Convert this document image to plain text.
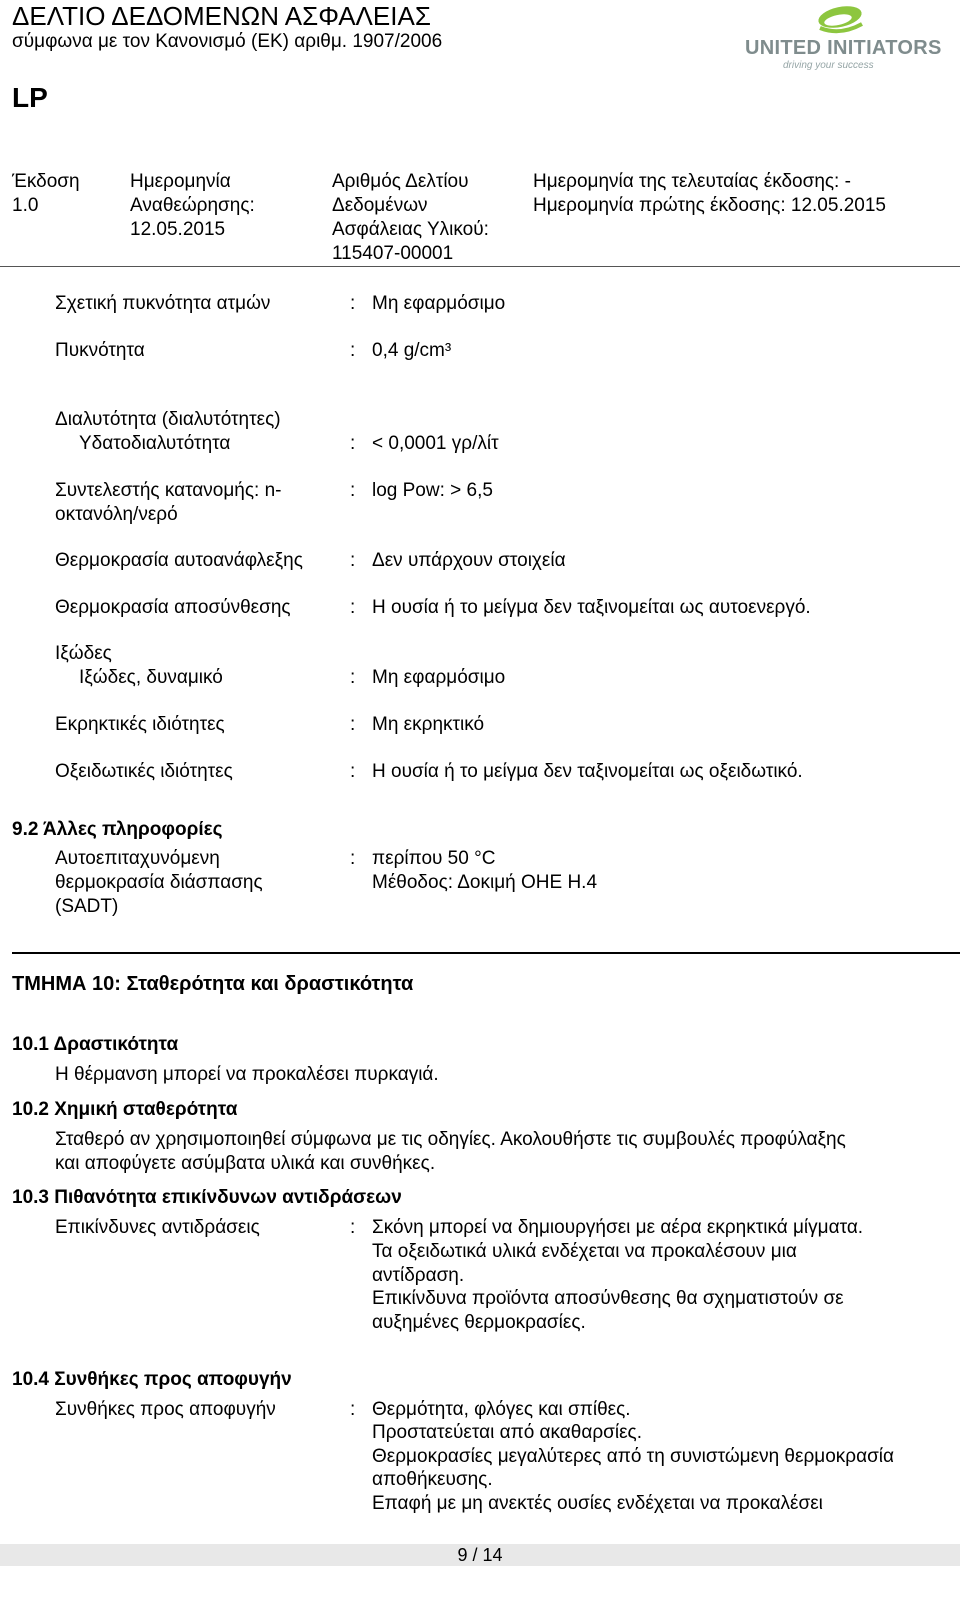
ΔΕΛΤΙΟ ΔΕΔΟΜΕΝΩΝ ΑΣΦΑΛΕΙΑΣ
σύμφωνα με τον Κανονισμό (ΕΚ) αριθμ. 1907/2006
LP
UNITED INITIATORS
driving your success
Έκδοση
1.0
Ημερομηνία
Αναθεώρησης:
12.05.2015
Αριθμός Δελτίου
Δεδομένων
Ασφάλειας Υλικού:
115407-00001
Ημερομηνία της τελευταίας έκδοσης: -
Ημερομηνία πρώτης έκδοσης: 12.05.2015
Σχετική πυκνότητα ατμών	: Μη εφαρμόσιμο
Πυκνότητα	: 0,4 g/cm³
Διαλυτότητα (διαλυτότητες)
Υδατοδιαλυτότητα	: < 0,0001 γρ/λίτ
Συντελεστής κατανομής: n-
οκτανόλη/νερό
: log Pow: > 6,5
Θερμοκρασία αυτοανάφλεξης	: Δεν υπάρχουν στοιχεία
Θερμοκρασία αποσύνθεσης	: Η ουσία ή το μείγμα δεν ταξινομείται ως αυτοενεργό.
Ιξώδες
Ιξώδες, δυναμικό	: Μη εφαρμόσιμο
Εκρηκτικές ιδιότητες	: Μη εκρηκτικό
Οξειδωτικές ιδιότητες	: Η ουσία ή το μείγμα δεν ταξινομείται ως οξειδωτικό.
9.2 Άλλες πληροφορίες
Αυτοεπιταχυνόμενη
θερμοκρασία διάσπασης
(SADT)
: περίπου 50 °C
Μέθοδος: Δοκιμή ΟΗΕ H.4
ΤΜΗΜΑ 10: Σταθερότητα και δραστικότητα
10.1 Δραστικότητα
Η θέρμανση μπορεί να προκαλέσει πυρκαγιά.
10.2 Χημική σταθερότητα
Σταθερό αν χρησιμοποιηθεί σύμφωνα με τις οδηγίες. Ακολουθήστε τις συμβουλές προφύλαξης
και αποφύγετε ασύμβατα υλικά και συνθήκες.
10.3 Πιθανότητα επικίνδυνων αντιδράσεων
Επικίνδυνες αντιδράσεις	: Σκόνη μπορεί να δημιουργήσει με αέρα εκρηκτικά μίγματα.
Τα οξειδωτικά υλικά ενδέχεται να προκαλέσουν μια
αντίδραση.
Επικίνδυνα προϊόντα αποσύνθεσης θα σχηματιστούν σε
αυξημένες θερμοκρασίες.
10.4 Συνθήκες προς αποφυγήν
Συνθήκες προς αποφυγήν	: Θερμότητα, φλόγες και σπίθες.
Προστατεύεται από ακαθαρσίες.
Θερμοκρασίες μεγαλύτερες από τη συνιστώμενη θερμοκρασία
αποθήκευσης.
Επαφή με μη ανεκτές ουσίες ενδέχεται να προκαλέσει
9 / 14
